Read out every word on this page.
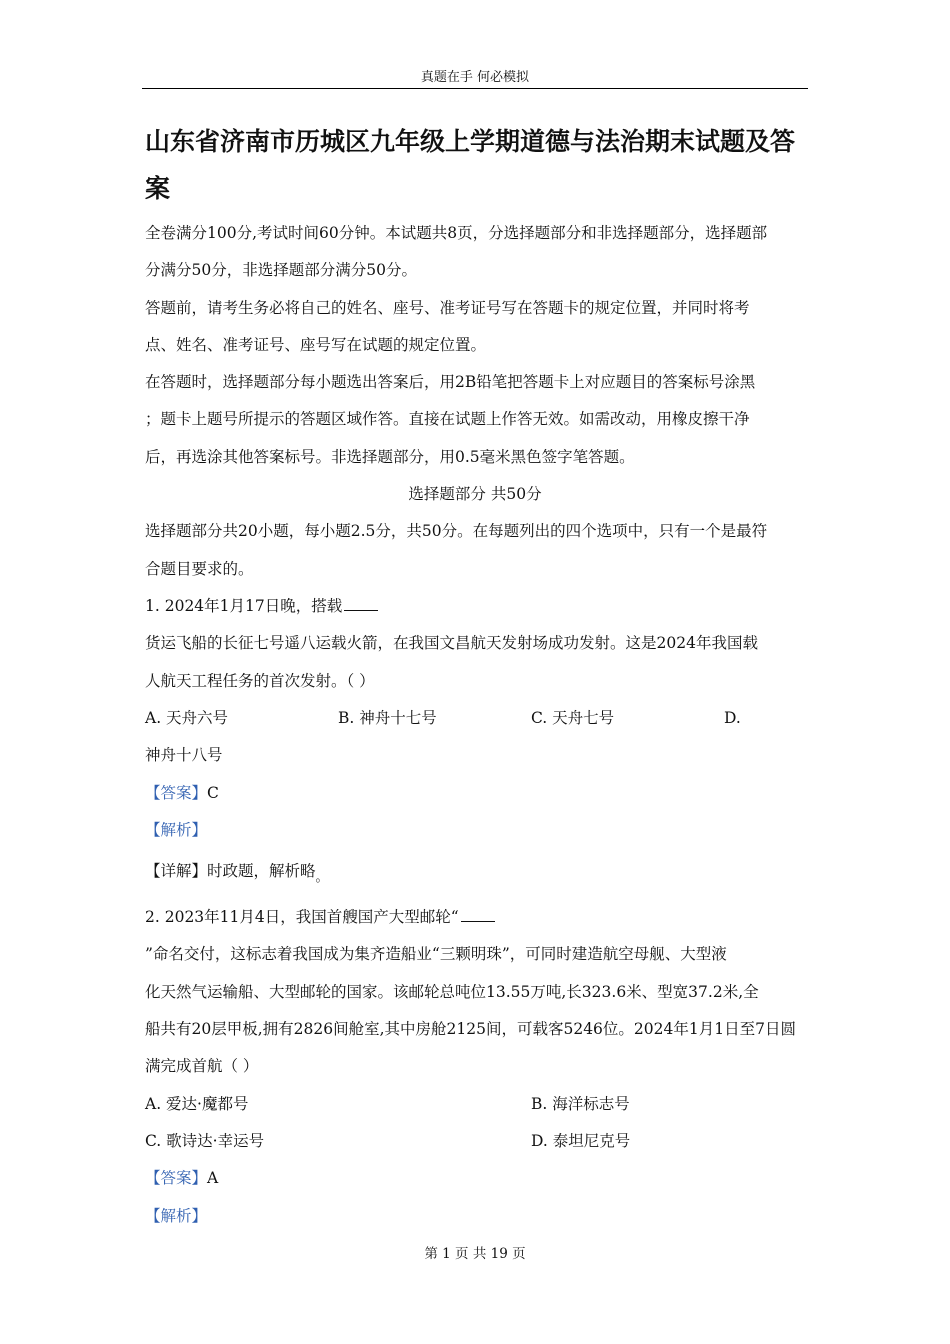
真题在手 何必模拟
山东省济南市历城区九年级上学期道德与法治期末试题及答案
全卷满分100分,考试时间60分钟。本试题共8页，分选择题部分和非选择题部分，选择题部
分满分50分，非选择题部分满分50分。
答题前，请考生务必将自己的姓名、座号、准考证号写在答题卡的规定位置，并同时将考
点、姓名、准考证号、座号写在试题的规定位置。
在答题时，选择题部分每小题选出答案后，用2B铅笔把答题卡上对应题目的答案标号涂黑
；题卡上题号所提示的答题区域作答。直接在试题上作答无效。如需改动，用橡皮擦干净
后，再选涂其他答案标号。非选择题部分，用0.5毫米黑色签字笔答题。
选择题部分 共50分
选择题部分共20小题，每小题2.5分，共50分。在每题列出的四个选项中，只有一个是最符
合题目要求的。
1. 2024年1月17日晚，搭载
货运飞船的长征七号遥八运载火箭，在我国文昌航天发射场成功发射。这是2024年我国载
人航天工程任务的首次发射。（ ）
A. 天舟六号	B. 神舟十七号	C. 天舟七号	D.
神舟十八号
【答案】C
【解析】
【详解】时政题，解析略$_。$
2. 2023年11月4日，我国首艘国产大型邮轮“
”命名交付，这标志着我国成为集齐造船业“三颗明珠”，可同时建造航空母舰、大型液
化天然气运输船、大型邮轮的国家。该邮轮总吨位13.55万吨,长323.6米、型宽37.2米,全
船共有20层甲板,拥有2826间舱室,其中房舱2125间，可载客5246位。2024年1月1日至7日圆
满完成首航（ ）
A. 爱达·魔都号	B. 海洋标志号
C. 歌诗达·幸运号	D. 泰坦尼克号
【答案】A
【解析】
第 1 页 共 19 页
